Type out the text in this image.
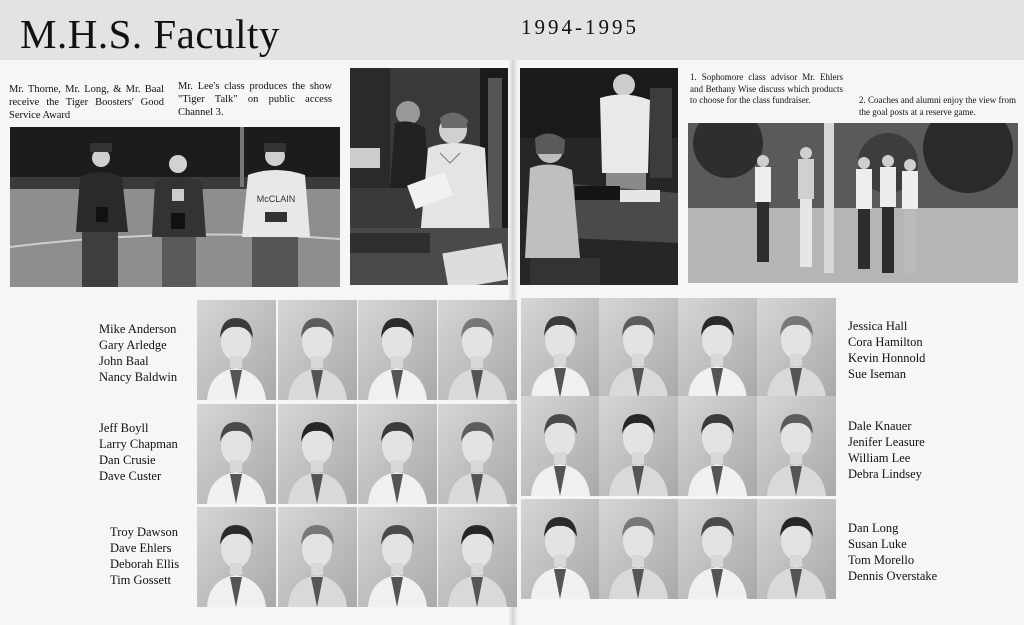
M.H.S. Faculty	1994-1995
Mr. Thorne, Mr. Long, & Mr. Baal receive the Tiger Boosters' Good Service Award
Mr. Lee's class produces the show "Tiger Talk" on public access Channel 3.
1. Sophomore class advisor Mr. Ehlers and Bethany Wise discuss which products to choose for the class fundraiser.	2. Coaches and alumni enjoy the view from the goal posts at a reserve game.
McCLAIN
Mike Anderson
Gary Arledge
John Baal
Nancy Baldwin
Jeff Boyll
Larry Chapman
Dan Crusie
Dave Custer
Troy Dawson
Dave Ehlers
Deborah Ellis
Tim Gossett
Jessica Hall
Cora Hamilton
Kevin Honnold
Sue Iseman
Dale Knauer
Jenifer Leasure
William Lee
Debra Lindsey
Dan Long
Susan Luke
Tom Morello
Dennis Overstake
